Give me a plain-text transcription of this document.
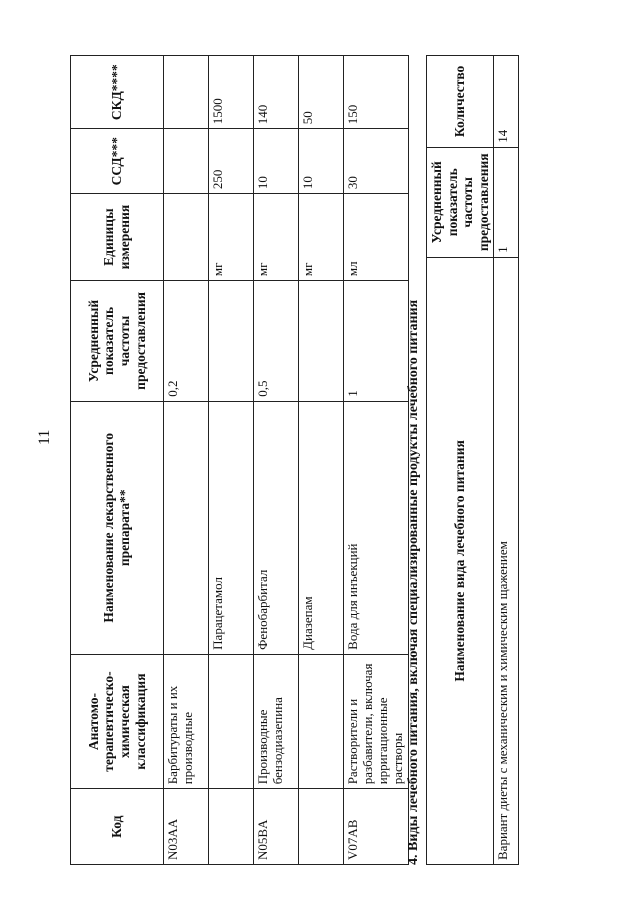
11
Код	Анатомо-терапевтическо-химическая классификация	Наименование лекарственного препарата**	Усредненный показатель частоты предоставления	Единицы измерения	ССД***	СКД****
N03AA	Барбитураты и их производные		0,2			
		Парацетамол		мг	250	1500
N05BA	Производные бензодиазепина	Фенобарбитал	0,5	мг	10	140
		Диазепам		мг	10	50
V07AB	Растворители и разбавители, включая ирригационные растворы	Вода для инъекций	1	мл	30	150
4. Виды лечебного питания, включая специализированные продукты лечебного питания Наименование вида лечебного питания	Усредненный показатель частоты предоставления	Количество
Вариант диеты с механическим и химическим щажением	1	14
